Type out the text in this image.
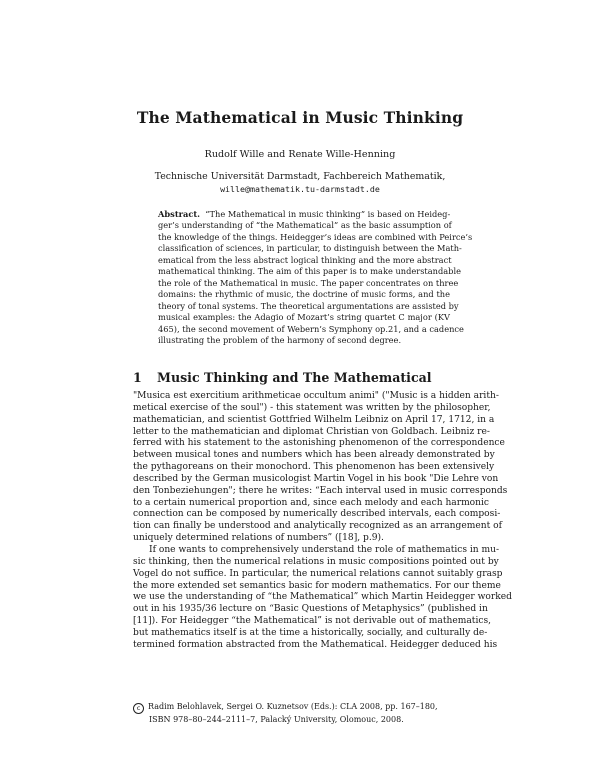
The Mathematical in Music Thinking
Rudolf Wille and Renate Wille-Henning
Technische Universität Darmstadt, Fachbereich Mathematik,
wille@mathematik.tu-darmstadt.de
Abstract. “The Mathematical in music thinking” is based on Heideg-
ger’s understanding of “the Mathematical” as the basic assumption of
the knowledge of the things. Heidegger’s ideas are combined with Peirce’s
classification of sciences, in particular, to distinguish between the Math-
ematical from the less abstract logical thinking and the more abstract
mathematical thinking. The aim of this paper is to make understandable
the role of the Mathematical in music. The paper concentrates on three
domains: the rhythmic of music, the doctrine of music forms, and the
theory of tonal systems. The theoretical argumentations are assisted by
musical examples: the Adagio of Mozart’s string quartet C major (KV
465), the second movement of Webern’s Symphony op.21, and a cadence
illustrating the problem of the harmony of second degree.
1 Music Thinking and The Mathematical

"Musica est exercitium arithmeticae occultum animi" ("Music is a hidden arith-
metical exercise of the soul") - this statement was written by the philosopher,
mathematician, and scientist Gottfried Wilhelm Leibniz on April 17, 1712, in a
letter to the mathematician and diplomat Christian von Goldbach. Leibniz re-
ferred with his statement to the astonishing phenomenon of the correspondence
between musical tones and numbers which has been already demonstrated by
the pythagoreans on their monochord. This phenomenon has been extensively
described by the German musicologist Martin Vogel in his book "Die Lehre von
den Tonbeziehungen"; there he writes: “Each interval used in music corresponds
to a certain numerical proportion and, since each melody and each harmonic
connection can be composed by numerically described intervals, each composi-
tion can finally be understood and analytically recognized as an arrangement of
uniquely determined relations of numbers” ([18], p.9).

If one wants to comprehensively understand the role of mathematics in mu-
sic thinking, then the numerical relations in music compositions pointed out by
Vogel do not suffice. In particular, the numerical relations cannot suitably grasp
the more extended set semantics basic for modern mathematics. For our theme
we use the understanding of “the Mathematical” which Martin Heidegger worked
out in his 1935/36 lecture on “Basic Questions of Metaphysics” (published in
[11]). For Heidegger “the Mathematical” is not derivable out of mathematics,
but mathematics itself is at the time a historically, socially, and culturally de-
termined formation abstracted from the Mathematical. Heidegger deduced his

c Radim Belohlavek, Sergei O. Kuznetsov (Eds.): CLA 2008, pp. 167–180,
ISBN 978–80–244–2111–7, Palacký University, Olomouc, 2008.
